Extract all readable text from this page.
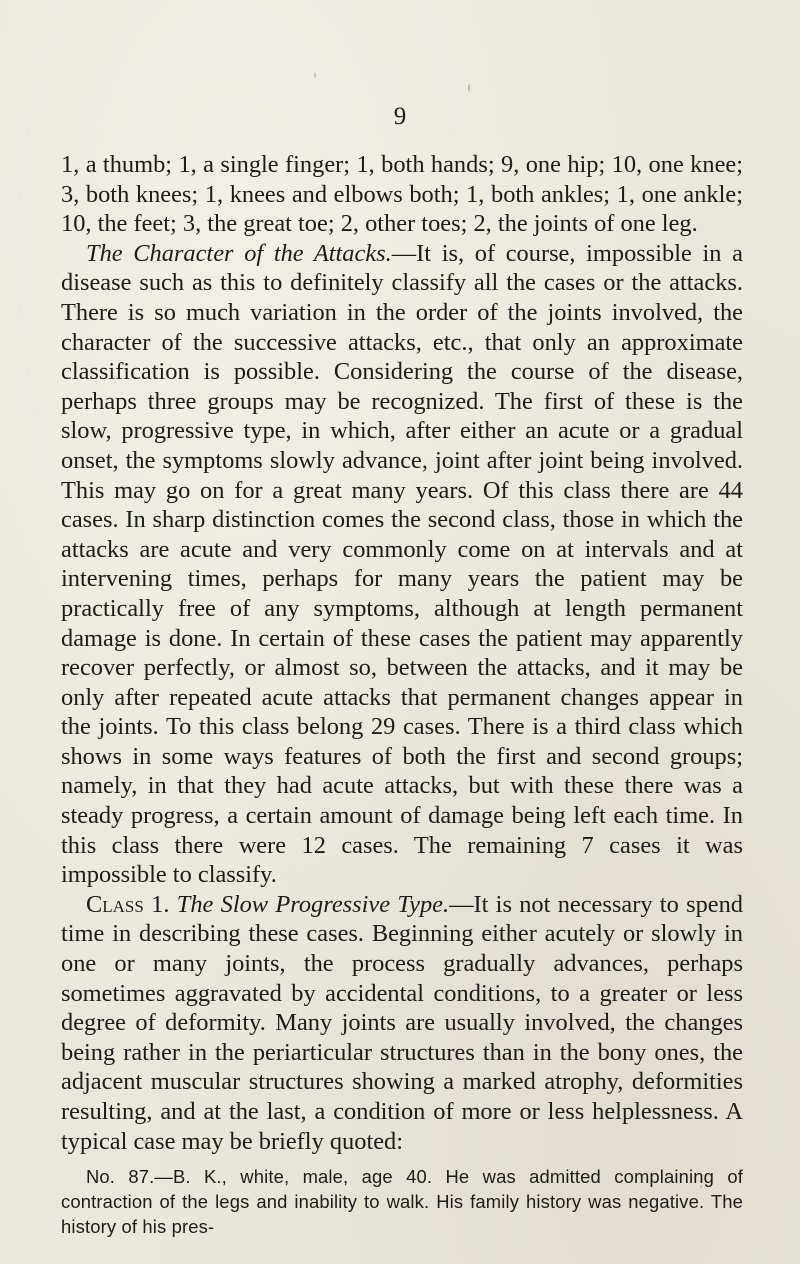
9

1, a thumb; 1, a single finger; 1, both hands; 9, one hip; 10, one knee; 3, both knees; 1, knees and elbows both; 1, both ankles; 1, one ankle; 10, the feet; 3, the great toe; 2, other toes; 2, the joints of one leg.

The Character of the Attacks.—It is, of course, impossible in a disease such as this to definitely classify all the cases or the attacks. There is so much variation in the order of the joints involved, the character of the successive attacks, etc., that only an approximate classification is possible. Considering the course of the disease, perhaps three groups may be recognized. The first of these is the slow, progressive type, in which, after either an acute or a gradual onset, the symptoms slowly advance, joint after joint being involved. This may go on for a great many years. Of this class there are 44 cases. In sharp distinction comes the second class, those in which the attacks are acute and very commonly come on at intervals and at intervening times, perhaps for many years the patient may be practically free of any symptoms, although at length permanent damage is done. In certain of these cases the patient may apparently recover perfectly, or almost so, between the attacks, and it may be only after repeated acute attacks that permanent changes appear in the joints. To this class belong 29 cases. There is a third class which shows in some ways features of both the first and second groups; namely, in that they had acute attacks, but with these there was a steady progress, a certain amount of damage being left each time. In this class there were 12 cases. The remaining 7 cases it was impossible to classify.

Class 1. The Slow Progressive Type.—It is not necessary to spend time in describing these cases. Beginning either acutely or slowly in one or many joints, the process gradually advances, perhaps sometimes aggravated by accidental conditions, to a greater or less degree of deformity. Many joints are usually involved, the changes being rather in the periarticular structures than in the bony ones, the adjacent muscular structures showing a marked atrophy, deformities resulting, and at the last, a condition of more or less helplessness. A typical case may be briefly quoted:

No. 87.—B. K., white, male, age 40. He was admitted complaining of contraction of the legs and inability to walk. His family history was negative. The history of his pres-
